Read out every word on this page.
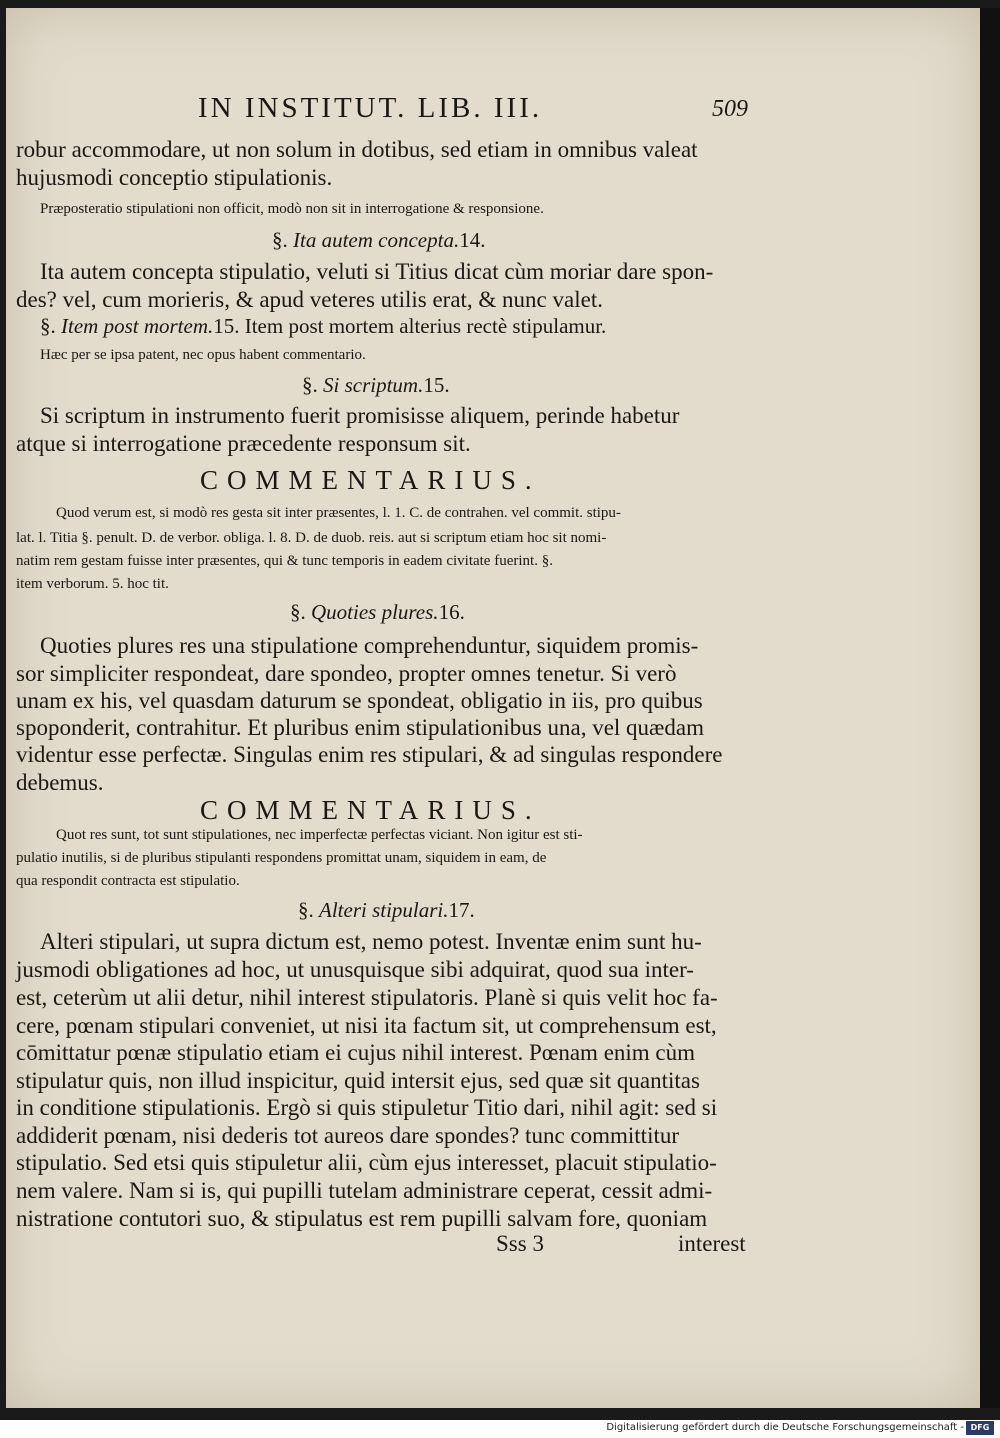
IN INSTITUT. LIB. III.	509
robur accommodare, ut non solum in dotibus, sed etiam in omnibus valeat
hujusmodi conceptio stipulationis.
Præposteratio stipulationi non officit, modò non sit in interrogatione & responsione.
§. Ita autem concepta.14.
Ita autem concepta stipulatio, veluti si Titius dicat cùm moriar dare spon-
des? vel, cum morieris, & apud veteres utilis erat, & nunc valet.
§. Item post mortem.15. Item post mortem alterius rectè stipulamur.
Hæc per se ipsa patent, nec opus habent commentario.
§. Si scriptum.15.
Si scriptum in instrumento fuerit promisisse aliquem, perinde habetur
atque si interrogatione præcedente responsum sit.
COMMENTARIUS.
Quod verum est, si modò res gesta sit inter præsentes, l. 1. C. de contrahen. vel commit. stipu-
lat. l. Titia §. penult. D. de verbor. obliga. l. 8. D. de duob. reis. aut si scriptum etiam hoc sit nomi-
natim rem gestam fuisse inter præsentes, qui & tunc temporis in eadem civitate fuerint. §.
item verborum. 5. hoc tit.
§. Quoties plures.16.
Quoties plures res una stipulatione comprehenduntur, siquidem promis-
sor simpliciter respondeat, dare spondeo, propter omnes tenetur. Si verò
unam ex his, vel quasdam daturum se spondeat, obligatio in iis, pro quibus
spoponderit, contrahitur. Et pluribus enim stipulationibus una, vel quædam
videntur esse perfectæ. Singulas enim res stipulari, & ad singulas respondere
debemus.
COMMENTARIUS.
Quot res sunt, tot sunt stipulationes, nec imperfectæ perfectas viciant. Non igitur est sti-
pulatio inutilis, si de pluribus stipulanti respondens promittat unam, siquidem in eam, de
qua respondit contracta est stipulatio.
§. Alteri stipulari.17.
Alteri stipulari, ut supra dictum est, nemo potest. Inventæ enim sunt hu-
jusmodi obligationes ad hoc, ut unusquisque sibi adquirat, quod sua inter-
est, ceterùm ut alii detur, nihil interest stipulatoris. Planè si quis velit hoc fa-
cere, pœnam stipulari conveniet, ut nisi ita factum sit, ut comprehensum est,
cōmittatur pœnæ stipulatio etiam ei cujus nihil interest. Pœnam enim cùm
stipulatur quis, non illud inspicitur, quid intersit ejus, sed quæ sit quantitas
in conditione stipulationis. Ergò si quis stipuletur Titio dari, nihil agit: sed si
addiderit pœnam, nisi dederis tot aureos dare spondes? tunc committitur
stipulatio. Sed etsi quis stipuletur alii, cùm ejus interesset, placuit stipulatio-
nem valere. Nam si is, qui pupilli tutelam administrare ceperat, cessit admi-
nistratione contutori suo, & stipulatus est rem pupilli salvam fore, quoniam
Sss 3	interest
Digitalisierung gefördert durch die Deutsche Forschungsgemeinschaft - DFG
